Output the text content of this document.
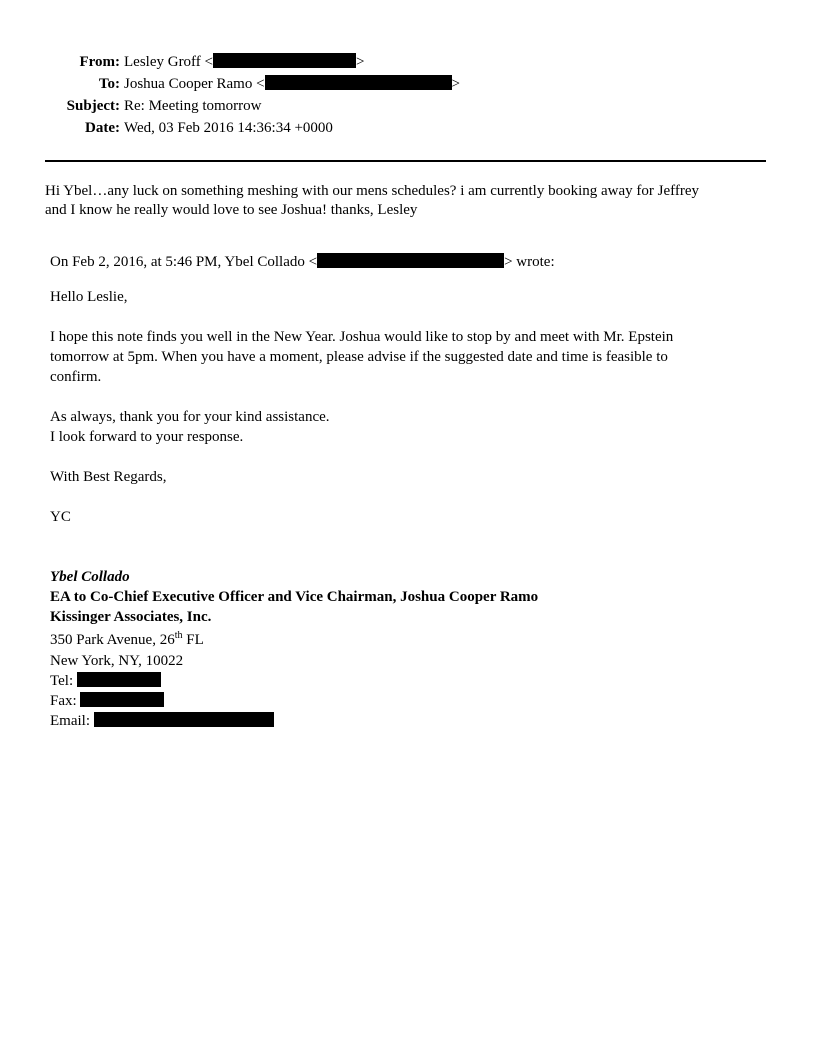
From: Lesley Groff <	>
To: Joshua Cooper Ramo <	>
Subject: Re: Meeting tomorrow
Date: Wed, 03 Feb 2016 14:36:34 +0000
Hi Ybel…any luck on something meshing with our mens schedules? i am currently booking away for Jeffrey
and I know he really would love to see Joshua! thanks, Lesley
On Feb 2, 2016, at 5:46 PM, Ybel Collado <	> wrote:
Hello Leslie,
I hope this note finds you well in the New Year. Joshua would like to stop by and meet with Mr. Epstein
tomorrow at 5pm. When you have a moment, please advise if the suggested date and time is feasible to
confirm.
As always, thank you for your kind assistance.
I look forward to your response.
With Best Regards,
YC
Ybel Collado
EA to Co-Chief Executive Officer and Vice Chairman, Joshua Cooper Ramo
Kissinger Associates, Inc.
350 Park Avenue, 26th FL
New York, NY, 10022
Tel:
Fax:
Email:
